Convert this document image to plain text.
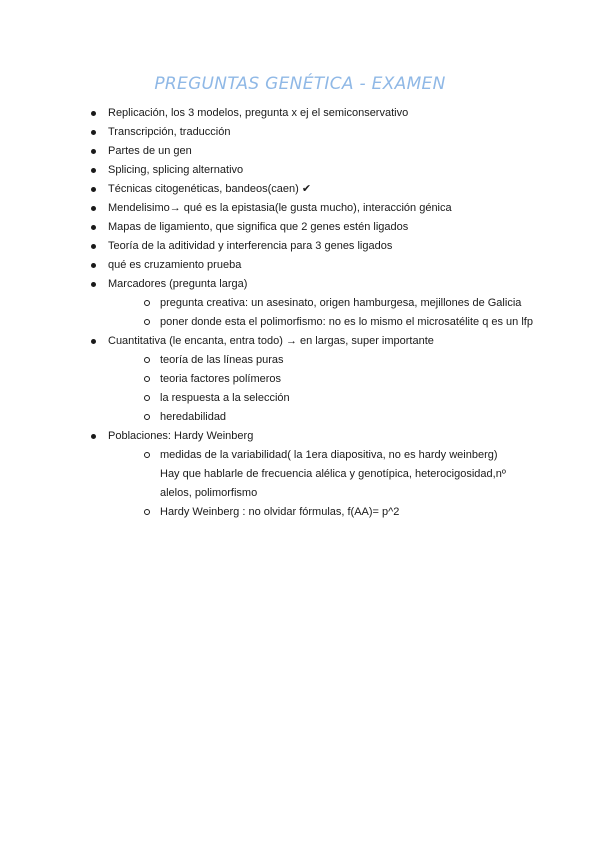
PREGUNTAS GENÉTICA - EXAMEN
Replicación, los 3 modelos, pregunta x ej el semiconservativo
Transcripción, traducción
Partes de un gen
Splicing, splicing alternativo
Técnicas citogenéticas, bandeos(caen) ✔
Mendelisimo→ qué es la epistasia(le gusta mucho), interacción génica
Mapas de ligamiento, que significa que 2 genes estén ligados
Teoría de la aditividad y interferencia para 3 genes ligados
qué es cruzamiento prueba
Marcadores (pregunta larga)
pregunta creativa: un asesinato, origen hamburgesa, mejillones de Galicia
poner donde esta el polimorfismo: no es lo mismo el microsatélite q es un lfp
Cuantitativa (le encanta, entra todo) → en largas, super importante
teoría de las líneas puras
teoria factores polímeros
la respuesta a la selección
heredabilidad
Poblaciones: Hardy Weinberg
medidas de la variabilidad( la 1era diapositiva, no es hardy weinberg)
Hay que hablarle de frecuencia alélica y genotípica, heterocigosidad,nº
alelos, polimorfismo
Hardy Weinberg : no olvidar fórmulas, f(AA)= p^2
